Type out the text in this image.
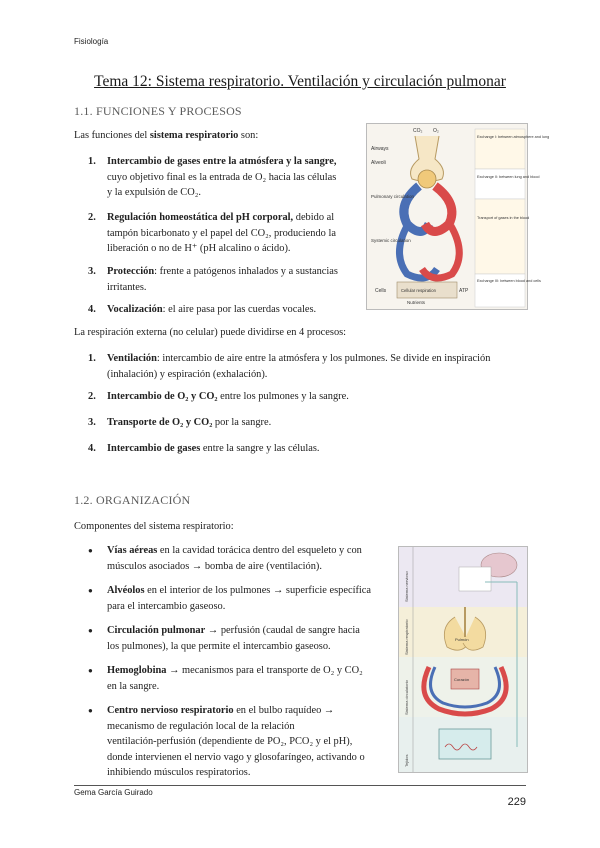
Fisiología
Tema 12: Sistema respiratorio. Ventilación y circulación pulmonar
1.1. FUNCIONES Y PROCESOS
Las funciones del sistema respiratorio son:
1. Intercambio de gases entre la atmósfera y la sangre,
cuyo objetivo final es la entrada de O₂ hacia las células
y la expulsión de CO₂.
2. Regulación homeostática del pH corporal, debido al
tampón bicarbonato y el papel del CO₂, produciendo la
liberación o no de H⁺ (pH alcalino o ácido).
3. Protección: frente a patógenos inhalados y a sustancias
irritantes.
4. Vocalización: el aire pasa por las cuerdas vocales.
Airways
Alveoli
Pulmonary circulation
Systemic circulation
Cells	Cellular respiration
Nutrients
Exchange I: between atmosphere and lung
Exchange II: between lung and blood
Transport of gases in the blood
Exchange III: between blood and cells
CO₂ O₂
ATP
La respiración externa (no celular) puede dividirse en 4 procesos:
1. Ventilación: intercambio de aire entre la atmósfera y los pulmones. Se divide en inspiración
(inhalación) y espiración (exhalación).
2. Intercambio de O₂ y CO₂ entre los pulmones y la sangre.
3. Transporte de O₂ y CO₂ por la sangre.
4. Intercambio de gases entre la sangre y las células.
1.2. ORGANIZACIÓN
Componentes del sistema respiratorio:
● Vías aéreas en la cavidad torácica dentro del esqueleto y con
músculos asociados → bomba de aire (ventilación).
● Alvéolos en el interior de los pulmones → superficie específica
para el intercambio gaseoso.
● Circulación pulmonar → perfusión (caudal de sangre hacia
los pulmones), la que permite el intercambio gaseoso.
● Hemoglobina → mecanismos para el transporte de O₂ y CO₂
en la sangre.
● Centro nervioso respiratorio en el bulbo raquídeo →
mecanismo de regulación local de la relación
ventilación-perfusión (dependiente de PO₂, PCO₂ y el pH),
donde intervienen el nervio vago y glosofaríngeo, activando o
inhibiendo músculos respiratorios.
Sistema nervioso
Sistema respiratorio
Sistema circulatorio
Tejidos
Pulmón
Corazón
Gema García Guirado
229
